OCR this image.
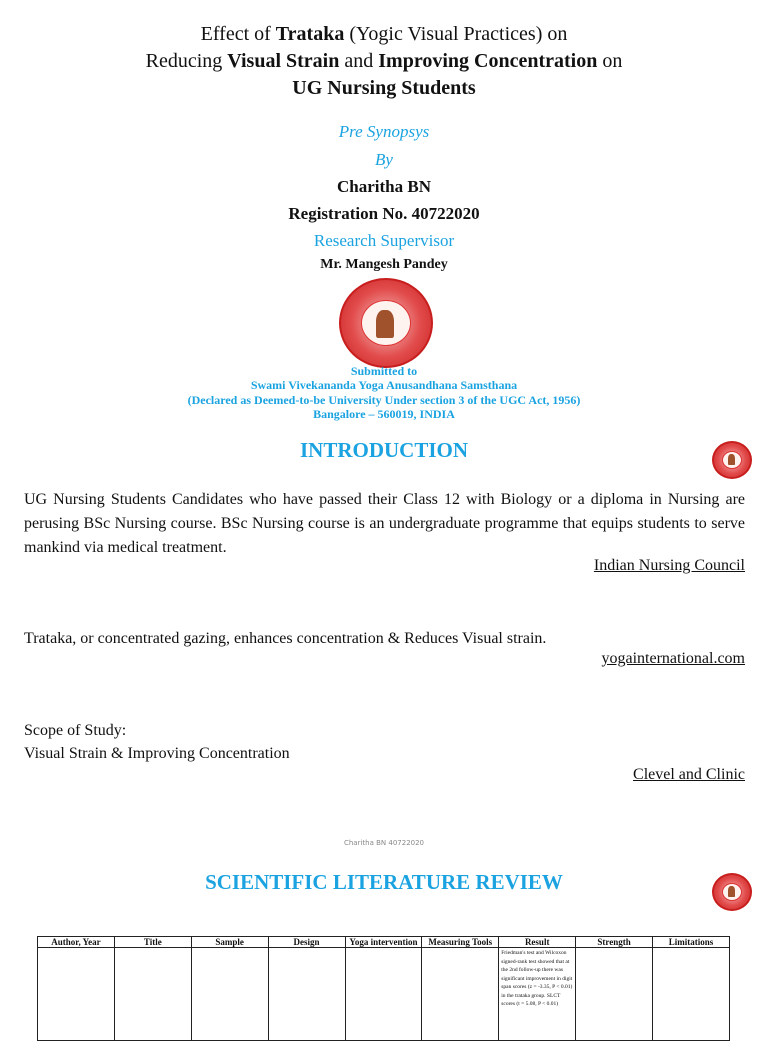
Effect of Trataka (Yogic Visual Practices) on
Reducing Visual Strain and Improving Concentration on
UG Nursing Students
Pre Synopsys
By
Charitha BN
Registration No. 40722020
Research Supervisor
Mr. Mangesh Pandey
Submitted to
Swami Vivekananda Yoga Anusandhana Samsthana
(Declared as Deemed-to-be University Under section 3 of the UGC Act, 1956)
Bangalore – 560019, INDIA
INTRODUCTION
UG Nursing Students Candidates who have passed their Class 12 with Biology or a diploma in Nursing are perusing BSc Nursing course. BSc Nursing course is an undergraduate programme that equips students to serve mankind via medical treatment.
Indian Nursing Council
Trataka, or concentrated gazing, enhances concentration & Reduces Visual strain.
yogainternational.com
Scope of Study:
Visual Strain & Improving Concentration
Clevel and Clinic
Charitha BN 40722020
SCIENTIFIC LITERATURE REVIEW
Author, Year	Title	Sample	Design	Yoga intervention	Measuring Tools	Result	Strength	Limitations

						Friedman's test and Wilcoxon signed-rank test showed that at the 2nd follow-up there was significant improvement in digit span scores (z = -3.35, P < 0.01) in the trataka group. SLCT scores (t = 5.08, P < 0.01)		
